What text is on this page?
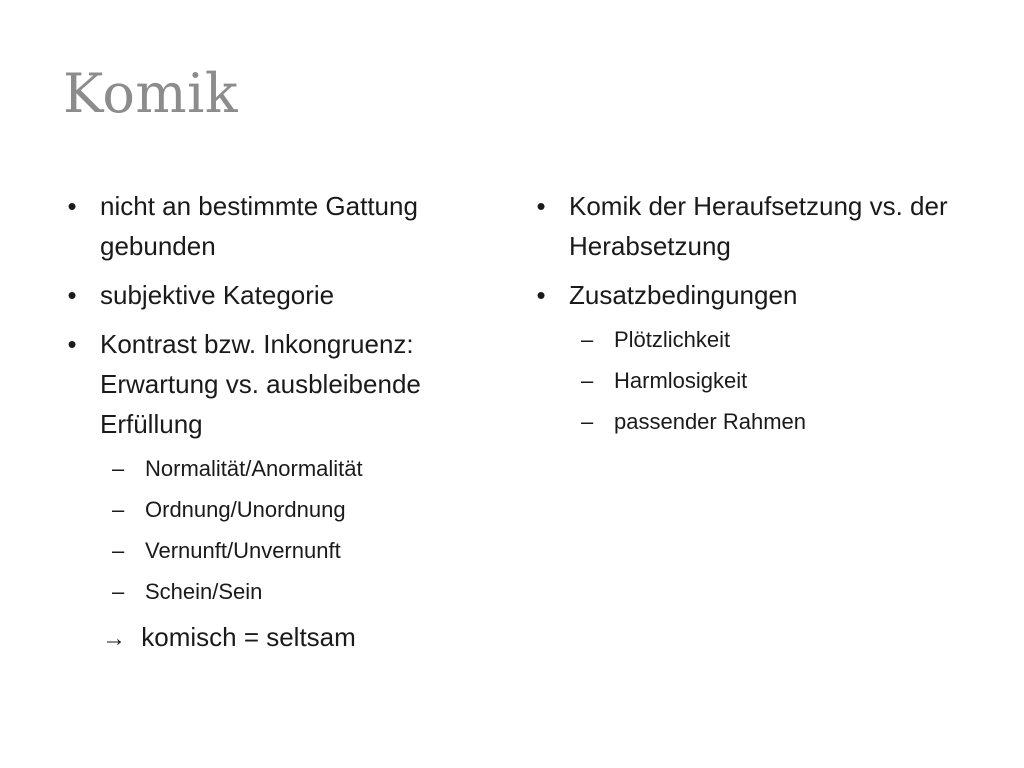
Komik
• nicht an bestimmte Gattung gebunden
• subjektive Kategorie
• Kontrast bzw. Inkongruenz: Erwartung vs. ausbleibende Erfüllung
– Normalität/Anormalität
– Ordnung/Unordnung
– Vernunft/Unvernunft
– Schein/Sein
→ komisch = seltsam
• Komik der Heraufsetzung vs. der Herabsetzung
• Zusatzbedingungen
– Plötzlichkeit
– Harmlosigkeit
– passender Rahmen
